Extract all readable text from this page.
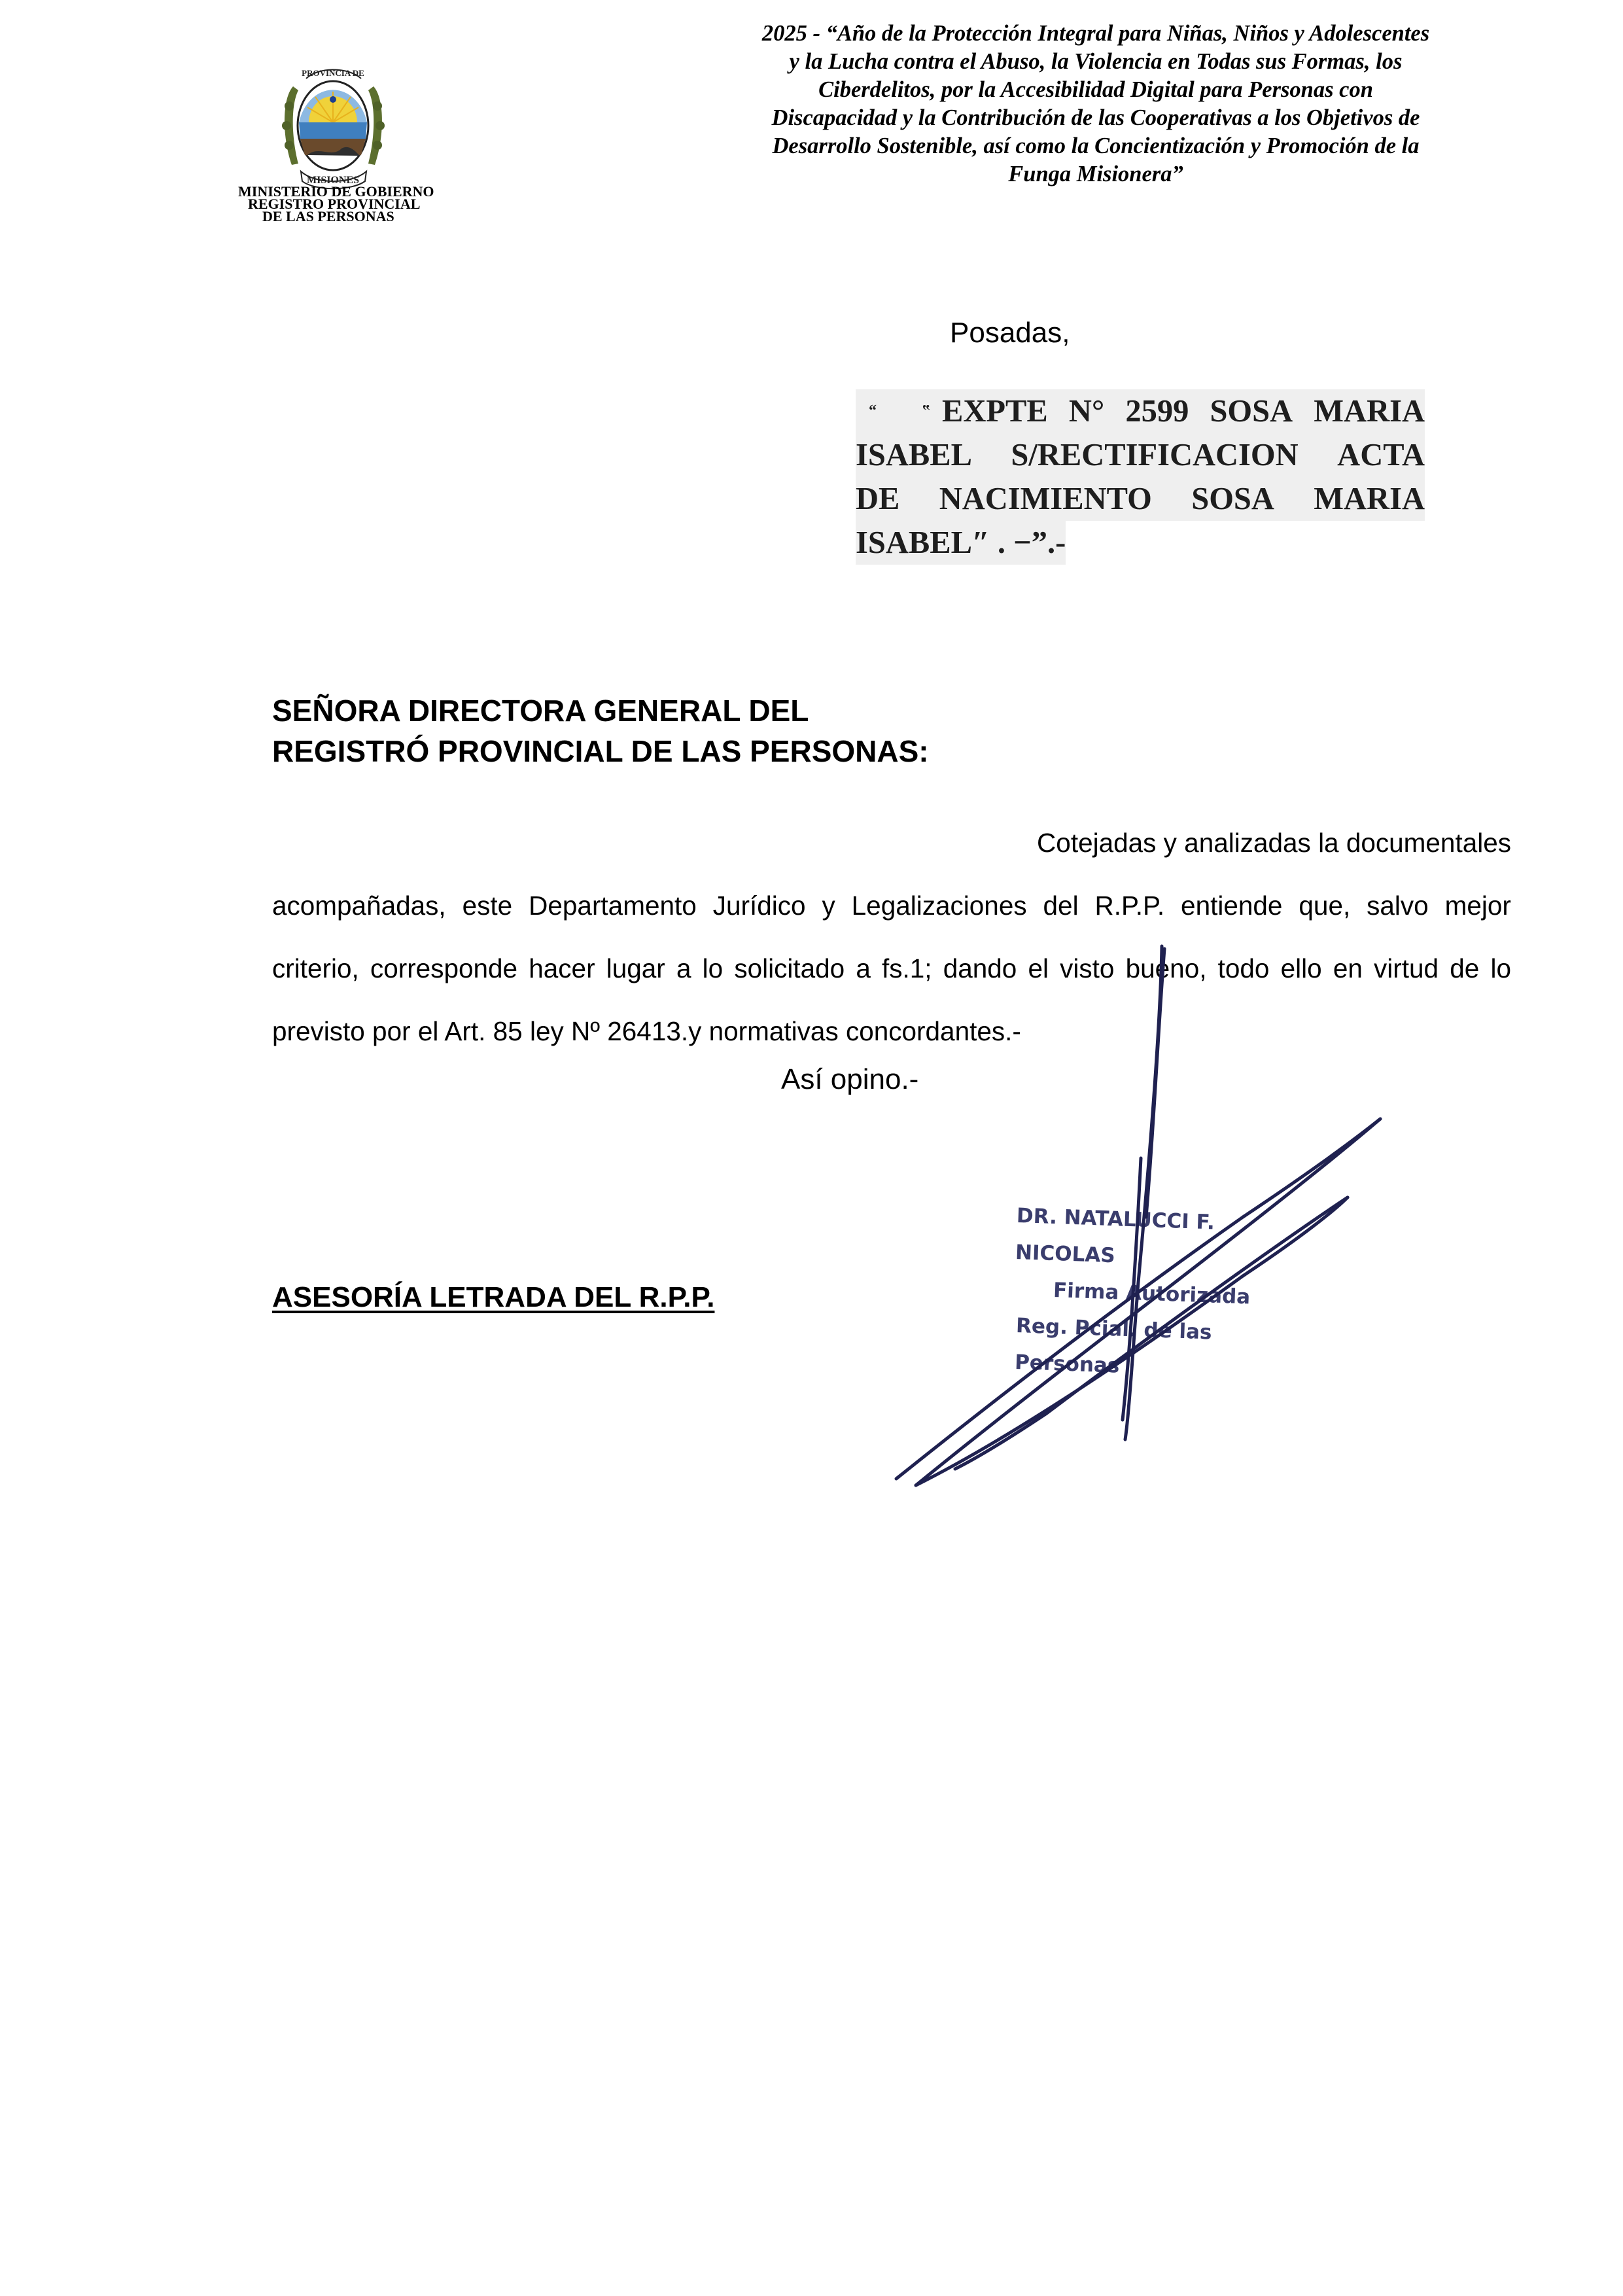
PROVINCIA DE
MISIONES
MINISTERIO DE GOBIERNO
REGISTRO PROVINCIAL
DE LAS PERSONAS
2025 - “Año de la Protección Integral para Niñas, Niños y Adolescentes
y la Lucha contra el Abuso, la Violencia en Todas sus Formas, los
Ciberdelitos, por la Accesibilidad Digital para Personas con
Discapacidad y la Contribución de las Cooperativas a los Objetivos de
Desarrollo Sostenible, así como la Concientización y Promoción de la
Funga Misionera”
Posadas,
“	‟ EXPTE N° 2599 SOSA MARIA
ISABEL S/RECTIFICACION ACTA
DE NACIMIENTO SOSA MARIA
ISABEL″ . −”.-
SEÑORA DIRECTORA GENERAL DEL
REGISTRÓ PROVINCIAL DE LAS PERSONAS:
Cotejadas y analizadas la documentales
acompañadas, este Departamento Jurídico y Legalizaciones del R.P.P. entiende que, salvo mejor
criterio, corresponde hacer lugar a lo solicitado a fs.1; dando el visto bueno, todo ello en virtud de lo
previsto por el Art. 85 ley Nº 26413.y normativas concordantes.-
Así opino.-
DR. NATALUCCI F. NICOLAS
Firma Autorizada
Reg. Pcial. de las Personas
ASESORÍA LETRADA DEL R.P.P.
